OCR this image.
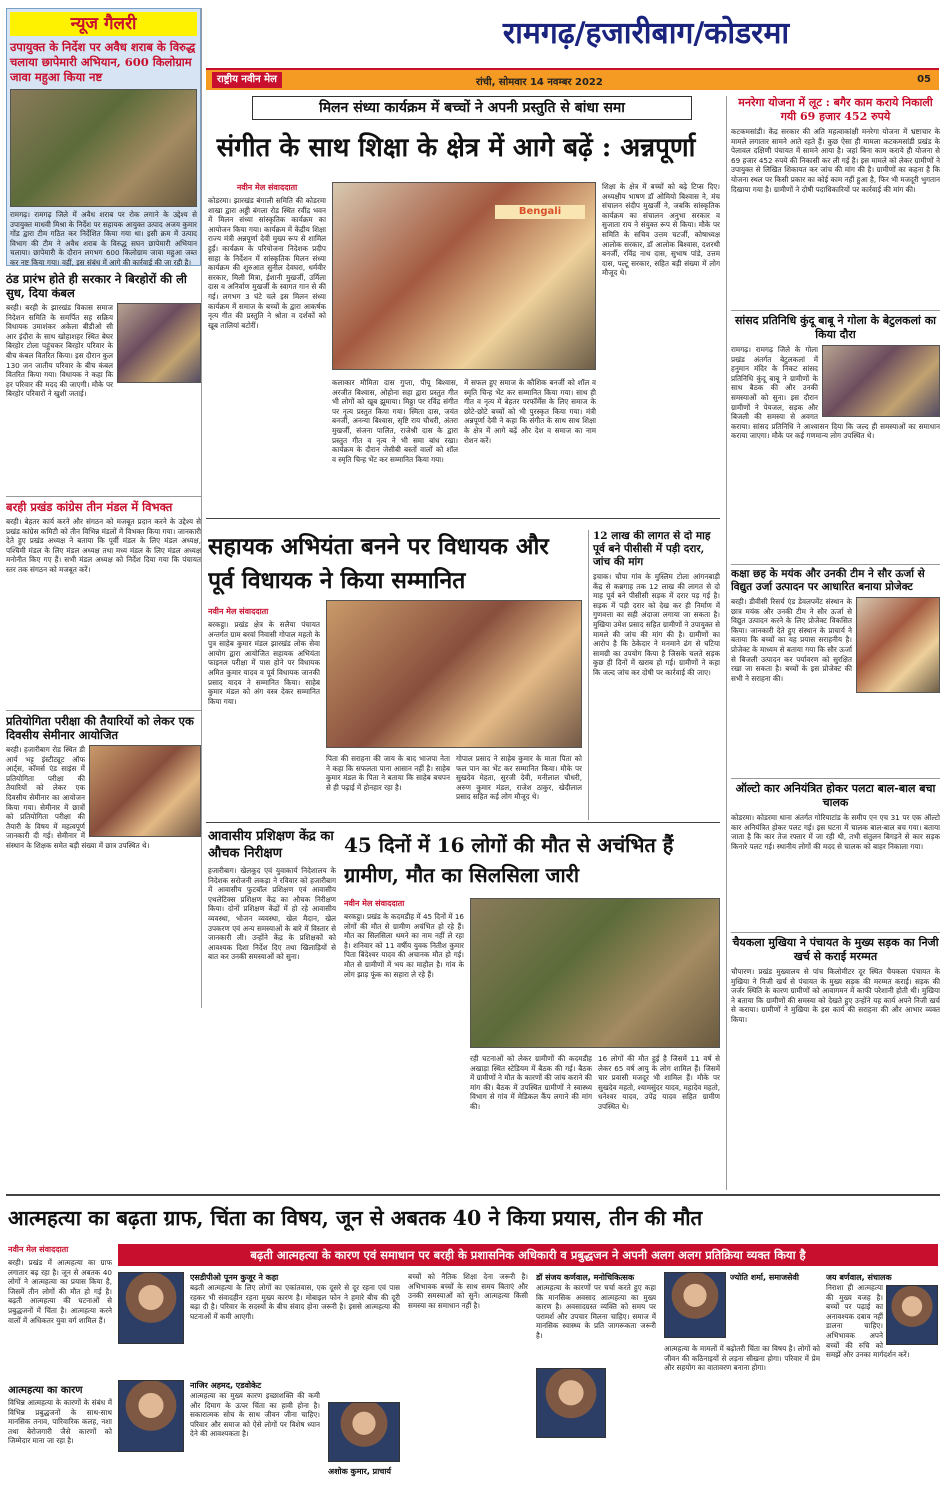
न्यूज गैलरी
उपायुक्त के निर्देश पर अवैध शराब के विरुद्ध चलाया छापेमारी अभियान, 600 किलोग्राम जावा महुआ किया नष्ट
रामगढ़। रामगढ़ जिले में अवैध शराब पर रोक लगाने के उद्देश्य से उपायुक्त माधवी मिश्रा के निर्देश पर सहायक आयुक्त उत्पाद अजय कुमार गोंड द्वारा टीम गठित कर निर्देशित किया गया था। इसी क्रम में उत्पाद विभाग की टीम ने अवैध शराब के विरुद्ध सघन छापेमारी अभियान चलाया। छापेमारी के दौरान लगभग 600 किलोग्राम जावा महुआ जब्त कर नष्ट किया गया। वहीं, इस संबंध में आगे की कार्रवाई की जा रही है।
ठंड प्रारंभ होते ही सरकार ने बिरहोरों की ली सुध, दिया कंबल
बरही। बरही के झारखंड विकास समाज निदेशन समिति के समर्पित सह सक्रिय विधायक उमाशंकर अकेला बीडीओ सी आर इंदौरा के साथ खोहाशहर स्थित बेघर बिरहोर टोला पहुंचकर बिरहोर परिवार के बीच कंबल वितरित किया। इस दौरान कुल 130 जन जातीय परिवार के बीच कंबल वितरित किया गया। विधायक ने कहा कि हर परिवार की मदद की जाएगी। मौके पर बिरहोर परिवारों ने खुशी जताई।
बरही प्रखंड कांग्रेस तीन मंडल में विभक्त
बरही। बेहतर कार्य करने और संगठन को मजबूत प्रदान करने के उद्देश्य से प्रखंड कांग्रेस कमिटी को तीन विभिन्न मंडलों में विभक्त किया गया। जानकारी देते हुए प्रखंड अध्यक्ष ने बताया कि पूर्वी मंडल के लिए मंडल अध्यक्ष, पश्चिमी मंडल के लिए मंडल अध्यक्ष तथा मध्य मंडल के लिए मंडल अध्यक्ष मनोनीत किए गए हैं। सभी मंडल अध्यक्ष को निर्देश दिया गया कि पंचायत स्तर तक संगठन को मजबूत करें।
प्रतियोगिता परीक्षा की तैयारियों को लेकर एक दिवसीय सेमीनार आयोजित
बरही। हजारीबाग रोड स्थित डी आर्य भट्ट इंस्टीट्यूट ऑफ आर्ट्स, कॉमर्स एंड साइंस में प्रतियोगिता परीक्षा की तैयारियों को लेकर एक दिवसीय सेमीनार का आयोजन किया गया। सेमीनार में छात्रों को प्रतियोगिता परीक्षा की तैयारी के विषय में महत्वपूर्ण जानकारी दी गई। सेमीनार में संस्थान के शिक्षक समेत बड़ी संख्या में छात्र उपस्थित थे।
रामगढ़/हजारीबाग/कोडरमा
राष्ट्रीय नवीन मेल	रांची, सोमवार 14 नवम्बर 2022	05
मिलन संध्या कार्यक्रम में बच्चों ने अपनी प्रस्तुति से बांधा समा
संगीत के साथ शिक्षा के क्षेत्र में आगे बढ़ें : अन्नपूर्णा
नवीन मेल संवाददाता
कोडरमा। झारखंड बंगाली समिति की कोडरमा शाखा द्वारा अड्डी बंगला रोड स्थित रवींद्र भवन में मिलन संध्या सांस्कृतिक कार्यक्रम का आयोजन किया गया। कार्यक्रम में केंद्रीय शिक्षा राज्य मंत्री अन्नपूर्णा देवी मुख्य रूप से शामिल हुईं। कार्यक्रम के परियोजना निदेशक प्रदीप साहा के निर्देशन में सांस्कृतिक मिलन संध्या कार्यक्रम की शुरुआत सुनील देवघरा, धर्मवीर सरकार, मिली मित्रा, ईशानी मुखर्जी, उर्मिला दास व अनिर्वाण मुखर्जी के स्वागत गान से की गई। लगभग 3 घंटे चले इस मिलन संध्या कार्यक्रम में समाज के बच्चों के द्वारा आकर्षक नृत्य गीत की प्रस्तुति ने श्रोता व दर्शकों को खूब तालियां बटोरीं।
Bengali
कलाकार मौमिता दास गुप्ता, पीयू बिश्वास, अरजीत बिश्वास, ओहोना सहा द्वारा प्रस्तुत गीत भी लोगों को खूब झूमाया। मिठ्ठा पर रविंद्र संगीत पर नृत्य प्रस्तुत किया गया। स्मिता दास, जयंत बनर्जी, अनन्या बिश्वास, सृष्टि राय चौधरी, अंतरा मुखर्जी, संजना पालित, राजेश्री दास के द्वारा प्रस्तुत गीत व नृत्य ने भी समा बांध रखा। कार्यक्रम के दौरान जेसीबी बस्तों वालों को शॉल व स्मृति चिन्ह भेंट कर सम्मानित किया गया।
में सफल हुए समाज के कौशिक बनर्जी को शॉल व स्मृति चिन्ह भेंट कर सम्मानित किया गया। साथ ही गीत व नृत्य में बेहतर परफॉर्मेंस के लिए समाज के छोटे-छोटे बच्चों को भी पुरस्कृत किया गया। मंत्री अन्नपूर्णा देवी ने कहा कि संगीत के साथ साथ शिक्षा के क्षेत्र में आगे बढ़ें और देश व समाज का नाम रोशन करें।
शिक्षा के क्षेत्र में बच्चों को बढ़े टिप्स दिए। अध्यक्षीय भाषण डॉ ओमियो बिश्वास ने, मंच संचालन संदीप मुखर्जी ने, जबकि सांस्कृतिक कार्यक्रम का संचालन अनुभा सरकार व सुजाता राय ने संयुक्त रूप से किया। मौके पर समिति के सचिव उत्तम चटर्जी, कोषाध्यक्ष आलोक सरकार, डॉ आलोक बिश्वास, दशरथी बनर्जी, रविंद्र नाथ दास, सुभाष पांडे, उत्तम दास, पल्टू सरकार, सहित बड़ी संख्या में लोग मौजूद थे।
सहायक अभियंता बनने पर विधायक और पूर्व विधायक ने किया सम्मानित
नवीन मेल संवाददाता
बरकट्ठा। प्रखंड क्षेत्र के सलैया पंचायत अन्तर्गत ग्राम बरवां निवासी गोपाल महतो के पुत्र साहेब कुमार मंडल झारखंड लोक सेवा आयोग द्वारा आयोजित सहायक अभियंता फाइनल परीक्षा में पास होने पर विधायक अमित कुमार यादव व पूर्व विधायक जानकी प्रसाद यादव ने सम्मानित किया। साहेब कुमार मंडल को अंग वस्त्र देकर सम्मानित किया गया।
पिता की सराहना की जाय के बाद भाजपा नेता ने कहा कि सफलता पाना आसान नहीं है। साहेब कुमार मंडल के पिता ने बताया कि साहेब बचपन से ही पढ़ाई में होनहार रहा है।
गोपाल प्रसाद ने साहेब कुमार के माता पिता को फल पान का भेंट कर सम्मानित किया। मौके पर सुखदेव मेहता, सुरजी देवी, मनीलाल चौधरी, अरुण कुमार मंडल, राजेश ठाकुर, खेदीलाल प्रसाद सहित कई लोग मौजूद थे।
12 लाख की लागत से दो माह पूर्व बने पीसीसी में पड़ी दरार, जांच की मांग
इचाक। चौपा गांव के मुस्लिम टोला आंगनबाड़ी केंद्र से कब्रगाह तक 12 लाख की लागत से दो माह पूर्व बने पीसीसी सड़क में दरार पड़ गई है। सड़क में पड़ी दरार को देख कर ही निर्माण में गुणवत्ता का सही अंदाजा लगाया जा सकता है। मुखिया उमेश प्रसाद सहित ग्रामीणों ने उपायुक्त से मामले की जांच की मांग की है। ग्रामीणों का आरोप है कि ठेकेदार ने मनमाने ढंग से घटिया सामग्री का उपयोग किया है जिसके चलते सड़क कुछ ही दिनों में खराब हो गई। ग्रामीणों ने कहा कि जल्द जांच कर दोषी पर कार्रवाई की जाए।
आवासीय प्रशिक्षण केंद्र का औचक निरीक्षण
हजारीबाग। खेलकूद एवं युवाकार्य निदेशालय के निदेशक सरोजनी लकड़ा ने रविवार को हजारीबाग में आवासीय फुटबॉल प्रशिक्षण एवं आवासीय एथलेटिक्स प्रशिक्षण केंद्र का औचक निरीक्षण किया। दोनों प्रशिक्षण केंद्रों में हो रहे आवासीय व्यवस्था, भोजन व्यवस्था, खेल मैदान, खेल उपकरण एवं अन्य समस्याओं के बारे में विस्तार से जानकारी ली। उन्होंने केंद्र के प्रशिक्षकों को आवश्यक दिशा निर्देश दिए तथा खिलाड़ियों से बात कर उनकी समस्याओं को सुना।
45 दिनों में 16 लोगों की मौत से अचंभित हैं ग्रामीण, मौत का सिलसिला जारी
नवीन मेल संवाददाता
बरकट्ठा। प्रखंड के कदमडीह में 45 दिनों में 16 लोगों की मौत से ग्रामीण अचंभित हो रहे हैं। मौत का सिलसिला थमने का नाम नहीं ले रहा है। शनिवार को 11 वर्षीय युवक नितीश कुमार पिता बिंदेश्वर यादव की अचानक मौत हो गई। मौत से ग्रामीणों में भय का माहौल है। गांव के लोग झाड़ फूंक का सहारा ले रहे हैं।
रही घटनाओं को लेकर ग्रामीणों की कदमडीह अखाड़ा स्थित स्टेडियम में बैठक की गई। बैठक में ग्रामीणों ने मौत के कारणों की जांच कराने की मांग की। बैठक में उपस्थित ग्रामीणों ने स्वास्थ्य विभाग से गांव में मेडिकल कैंप लगाने की मांग की।
16 लोगों की मौत हुई है जिसमें 11 वर्ष से लेकर 65 वर्ष आयु के लोग शामिल हैं। जिसमें चार प्रवासी मजदूर भी शामिल हैं। मौके पर सुखदेव महतो, श्यामसुंदर यादव, महादेव महतो, धनेश्वर यादव, उपेंद्र यादव सहित ग्रामीण उपस्थित थे।
मनरेगा योजना में लूट : बगैर काम कराये निकाली गयी 69 हजार 452 रुपये
कटकमसांडी। केंद्र सरकार की अति महत्वाकांक्षी मनरेगा योजना में भ्रष्टाचार के मामले लगातार सामने आते रहते हैं। कुछ ऐसा ही मामला कटकमसांडी प्रखंड के पेलावल दक्षिणी पंचायत में सामने आया है। जहां बिना काम कराये ही योजना से 69 हजार 452 रुपये की निकासी कर ली गई है। इस मामले को लेकर ग्रामीणों ने उपायुक्त से लिखित शिकायत कर जांच की मांग की है। ग्रामीणों का कहना है कि योजना स्थल पर किसी प्रकार का कोई काम नहीं हुआ है, फिर भी मजदूरी भुगतान दिखाया गया है। ग्रामीणों ने दोषी पदाधिकारियों पर कार्रवाई की मांग की।
सांसद प्रतिनिधि कुंदू बाबू ने गोला के बेटुलकलां का किया दौरा
रामगढ़। रामगढ़ जिले के गोला प्रखंड अंतर्गत बेटुलकलां में हनुमान मंदिर के निकट सांसद प्रतिनिधि कुंदू बाबू ने ग्रामीणों के साथ बैठक की और उनकी समस्याओं को सुना। इस दौरान ग्रामीणों ने पेयजल, सड़क और बिजली की समस्या से अवगत कराया। सांसद प्रतिनिधि ने आश्वासन दिया कि जल्द ही समस्याओं का समाधान कराया जाएगा। मौके पर कई गणमान्य लोग उपस्थित थे।
कक्षा छह के मयंक और उनकी टीम ने सौर ऊर्जा से विद्युत उर्जा उत्पादन पर आधारित बनाया प्रोजेक्ट
बरही। डीवीसी रिसर्च एंड डेवलपमेंट संस्थान के छात्र मयंक और उनकी टीम ने सौर ऊर्जा से विद्युत उत्पादन करने के लिए प्रोजेक्ट विकसित किया। जानकारी देते हुए संस्थान के प्राचार्य ने बताया कि बच्चों का यह प्रयास सराहनीय है। प्रोजेक्ट के माध्यम से बताया गया कि सौर ऊर्जा से बिजली उत्पादन कर पर्यावरण को सुरक्षित रखा जा सकता है। बच्चों के इस प्रोजेक्ट की सभी ने सराहना की।
ऑल्टो कार अनियंत्रित होकर पलटा बाल-बाल बचा चालक
कोडरमा। कोडरमा थाना अंतर्गत गोरियाटांड के समीप एन एच 31 पर एक ऑल्टो कार अनियंत्रित होकर पलट गई। इस घटना में चालक बाल-बाल बच गया। बताया जाता है कि कार तेज रफ्तार में जा रही थी, तभी संतुलन बिगड़ने से कार सड़क किनारे पलट गई। स्थानीय लोगों की मदद से चालक को बाहर निकाला गया।
चैयकला मुखिया ने पंचायत के मुख्य सड़क का निजी खर्च से कराई मरम्मत
चौपारण। प्रखंड मुख्यालय से पांच किलोमीटर दूर स्थित चैयकला पंचायत के मुखिया ने निजी खर्च से पंचायत के मुख्य सड़क की मरम्मत कराई। सड़क की जर्जर स्थिति के कारण ग्रामीणों को आवागमन में काफी परेशानी होती थी। मुखिया ने बताया कि ग्रामीणों की समस्या को देखते हुए उन्होंने यह कार्य अपने निजी खर्च से कराया। ग्रामीणों ने मुखिया के इस कार्य की सराहना की और आभार व्यक्त किया।
आत्महत्या का बढ़ता ग्राफ, चिंता का विषय, जून से अबतक 40 ने किया प्रयास, तीन की मौत
नवीन मेल संवाददाता
बरही। प्रखंड में आत्महत्या का ग्राफ लगातार बढ़ रहा है। जून से अबतक 40 लोगों ने आत्महत्या का प्रयास किया है, जिसमें तीन लोगों की मौत हो गई है। बढ़ती आत्महत्या की घटनाओं से प्रबुद्धजनों में चिंता है। आत्महत्या करने वालों में अधिकतर युवा वर्ग शामिल हैं।
आत्महत्या का कारण
विभिन्न आत्महत्या के कारणों के संबंध में विभिन्न प्रबुद्धजनों के साथ-साथ मानसिक तनाव, पारिवारिक कलह, नशा तथा बेरोजगारी जैसे कारणों को जिम्मेदार माना जा रहा है।
बढ़ती आत्महत्या के कारण एवं समाधान पर बरही के प्रशासनिक अधिकारी व प्रबुद्धजन ने अपनी अलग अलग प्रतिक्रिया व्यक्त किया है
एसडीपीओ पूनम कुजूर ने कहा
बढ़ती आत्महत्या के लिए लोगों का एकांतवास, एक दूसरे से दूर रहना एवं पास रहकर भी संवादहीन रहना मुख्य कारण है। मोबाइल फोन ने हमारे बीच की दूरी बढ़ा दी है। परिवार के सदस्यों के बीच संवाद होना जरूरी है। इससे आत्महत्या की घटनाओं में कमी आएगी।
नाजिर अहमद, एडवोकेट
आत्महत्या का मुख्य कारण इच्छाशक्ति की कमी और दिमाग के ऊपर चिंता का हावी होना है। सकारात्मक सोच के साथ जीवन जीना चाहिए। परिवार और समाज को ऐसे लोगों पर विशेष ध्यान देने की आवश्यकता है।
बच्चों को नैतिक शिक्षा देना जरूरी है। अभिभावक बच्चों के साथ समय बिताएं और उनकी समस्याओं को सुनें। आत्महत्या किसी समस्या का समाधान नहीं है।
अशोक कुमार, प्राचार्य
डॉ संजय कर्णवाल, मनोचिकित्सक
आत्महत्या के कारणों पर चर्चा करते हुए कहा कि मानसिक अवसाद आत्महत्या का मुख्य कारण है। अवसादग्रस्त व्यक्ति को समय पर परामर्श और उपचार मिलना चाहिए। समाज में मानसिक स्वास्थ्य के प्रति जागरूकता जरूरी है।
ज्योति शर्मा, समाजसेवी
आत्महत्या के मामलों में बढ़ोतरी चिंता का विषय है। लोगों को जीवन की कठिनाइयों से लड़ना सीखना होगा। परिवार में प्रेम और सहयोग का वातावरण बनाना होगा।
जय बर्णवाल, संचालक
निराशा ही आत्महत्या की मुख्य वजह है। बच्चों पर पढ़ाई का अनावश्यक दबाव नहीं डालना चाहिए। अभिभावक अपने बच्चों की रुचि को समझें और उनका मार्गदर्शन करें।
